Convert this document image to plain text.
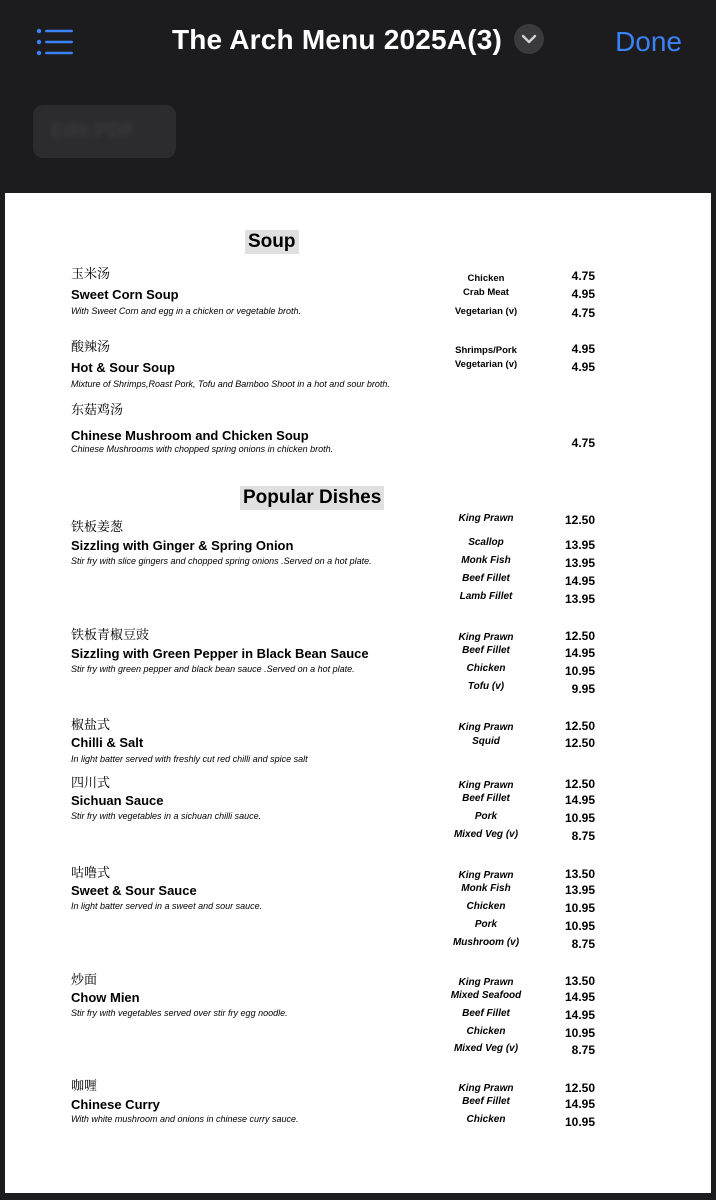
The Arch Menu 2025A(3)	Done
Edit PDF
Soup
玉米汤
Sweet Corn Soup
With Sweet Corn and egg in a chicken or vegetable broth.
Chicken
Crab Meat
Vegetarian (v)
4.75
4.95
4.75
酸辣汤
Hot & Sour Soup
Mixture of Shrimps,Roast Pork, Tofu and Bamboo Shoot in a hot and sour broth.
Shrimps/Pork
Vegetarian (v)
4.95
4.95
东菇鸡汤
Chinese Mushroom and Chicken Soup
Chinese Mushrooms with chopped spring onions in chicken broth.	4.75
Popular Dishes
铁板姜葱
Sizzling with Ginger & Spring Onion
Stir fry with slice gingers and chopped spring onions .Served on a hot plate.
King Prawn
Scallop
Monk Fish
Beef Fillet
Lamb Fillet
12.50
13.95
13.95
14.95
13.95
铁板青椒豆豉
Sizzling with Green Pepper in Black Bean Sauce
Stir fry with green pepper and black bean sauce .Served on a hot plate.
King Prawn
Beef Fillet
Chicken
Tofu (v)
12.50
14.95
10.95
9.95
椒盐式
Chilli & Salt
In light batter served with freshly cut red chilli and spice salt
King Prawn
Squid
12.50
12.50
四川式
Sichuan Sauce
Stir fry with vegetables in a sichuan chilli sauce.
King Prawn
Beef Fillet
Pork
Mixed Veg (v)
12.50
14.95
10.95
8.75
咕噜式
Sweet & Sour Sauce
In light batter served in a sweet and sour sauce.
King Prawn
Monk Fish
Chicken
Pork
Mushroom (v)
13.50
13.95
10.95
10.95
8.75
炒面
Chow Mien
Stir fry with vegetables served over stir fry egg noodle.
King Prawn
Mixed Seafood
Beef Fillet
Chicken
Mixed Veg (v)
13.50
14.95
14.95
10.95
8.75
咖喱
Chinese Curry
With white mushroom and onions in chinese curry sauce.
King Prawn
Beef Fillet
Chicken
12.50
14.95
10.95
